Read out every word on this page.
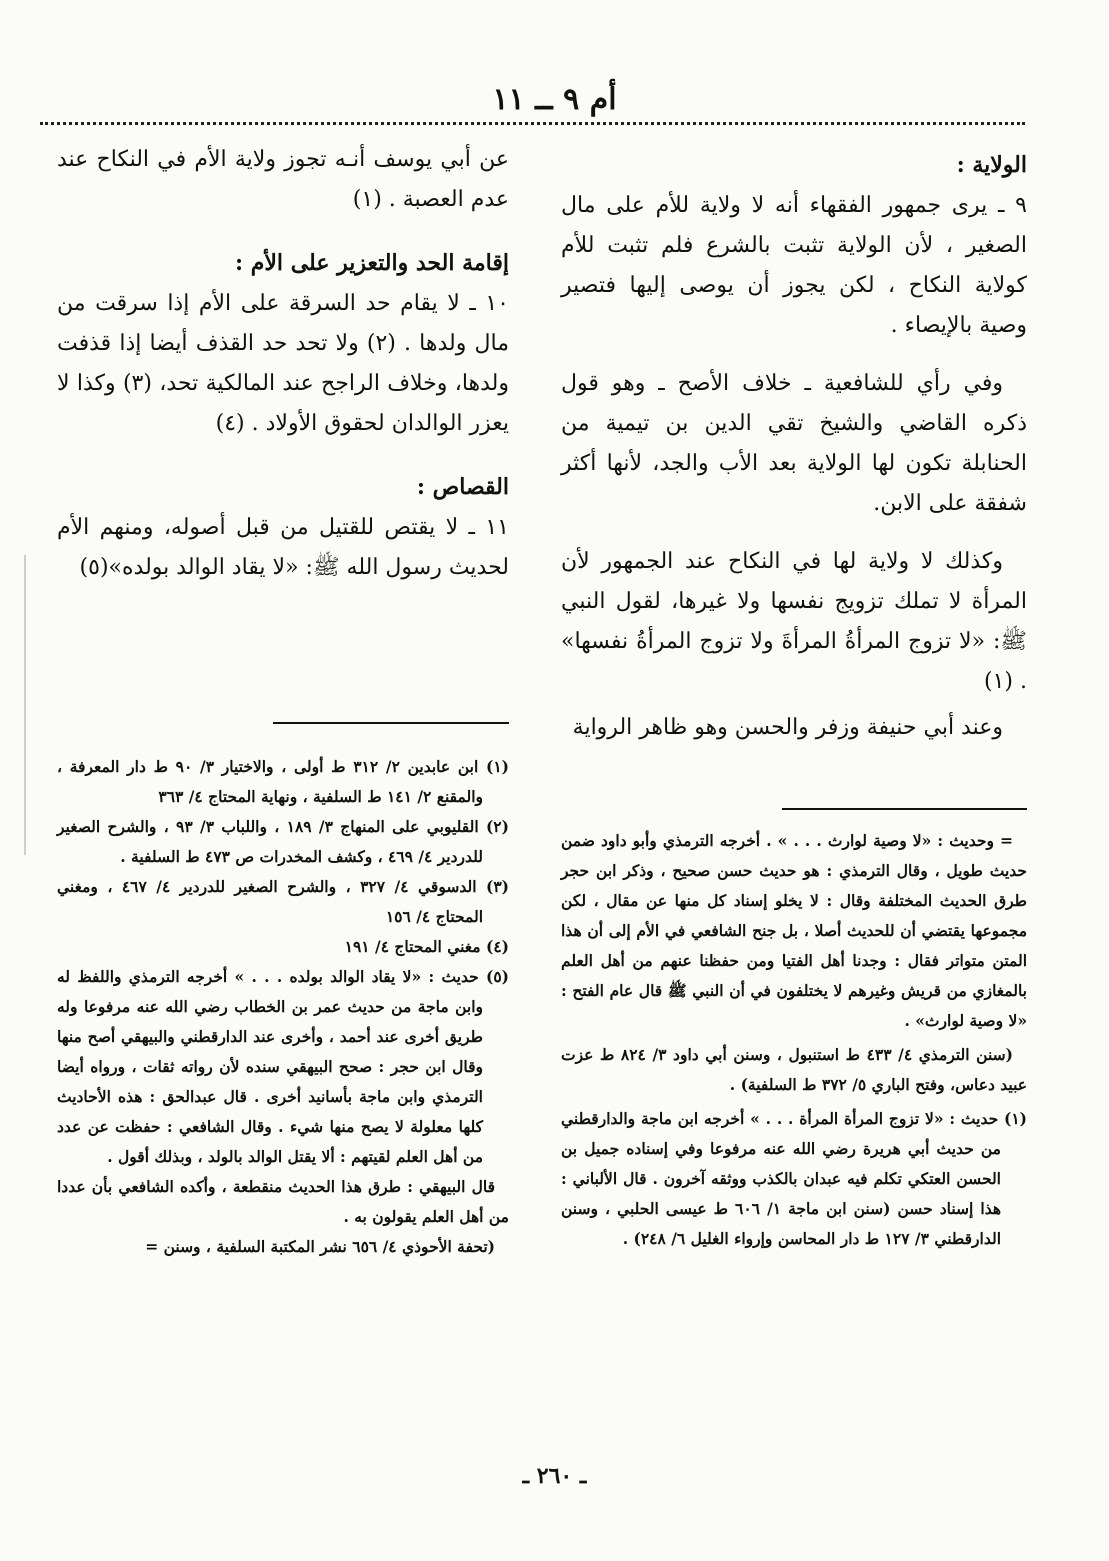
أم ٩ ــ ١١
الولاية :

٩ ـ يرى جمهور الفقهاء أنه لا ولاية للأم على مال الصغير ، لأن الولاية تثبت بالشرع فلم تثبت للأم كولاية النكاح ، لكن يجوز أن يوصى إليها فتصير وصية بالإيصاء .

وفي رأي للشافعية ـ خلاف الأصح ـ وهو قول ذكره القاضي والشيخ تقي الدين بن تيمية من الحنابلة تكون لها الولاية بعد الأب والجد، لأنها أكثر شفقة على الابن.

وكذلك لا ولاية لها في النكاح عند الجمهور لأن المرأة لا تملك تزويج نفسها ولا غيرها، لقول النبي ﷺ: «لا تزوج المرأةُ المرأةَ ولا تزوج المرأةُ نفسها» . (١)

وعند أبي حنيفة وزفر والحسن وهو ظاهر الرواية

عن أبي يوسف أنـه تجوز ولاية الأم في النكاح عند عدم العصبة . (١)

إقامة الحد والتعزير على الأم :

١٠ ـ لا يقام حد السرقة على الأم إذا سرقت من مال ولدها . (٢) ولا تحد حد القذف أيضا إذا قذفت ولدها، وخلاف الراجح عند المالكية تحد، (٣) وكذا لا يعزر الوالدان لحقوق الأولاد . (٤)

القصاص :

١١ ـ لا يقتص للقتيل من قبل أصوله، ومنهم الأم لحديث رسول الله ﷺ: «لا يقاد الوالد بولده»(٥)

= وحديث : «لا وصية لوارث . . . » . أخرجه الترمذي وأبو داود ضمن حديث طويل ، وقال الترمذي : هو حديث حسن صحيح ، وذكر ابن حجر طرق الحديث المختلفة وقال : لا يخلو إسناد كل منها عن مقال ، لكن مجموعها يقتضي أن للحديث أصلا ، بل جنح الشافعي في الأم إلى أن هذا المتن متواتر فقال : وجدنا أهل الفتيا ومن حفظنا عنهم من أهل العلم بالمغازي من قريش وغيرهم لا يختلفون في أن النبي ﷺ قال عام الفتح : «لا وصية لوارث» .

(سنن الترمذي ٤/ ٤٣٣ ط استنبول ، وسنن أبي داود ٣/ ٨٢٤ ط عزت عبيد دعاس، وفتح الباري ٥/ ٣٧٢ ط السلفية) .

(١) حديث : «لا تزوج المرأة المرأة . . . » أخرجه ابن ماجة والدارقطني من حديث أبي هريرة رضي الله عنه مرفوعا وفي إسناده جميل بن الحسن العتكي تكلم فيه عبدان بالكذب ووثقه آخرون . قال الألباني : هذا إسناد حسن (سنن ابن ماجة ١/ ٦٠٦ ط عيسى الحلبي ، وسنن الدارقطني ٣/ ١٢٧ ط دار المحاسن وإرواء الغليل ٦/ ٢٤٨) .

(١) ابن عابدين ٢/ ٣١٢ ط أولى ، والاختيار ٣/ ٩٠ ط دار المعرفة ، والمقنع ٢/ ١٤١ ط السلفية ، ونهاية المحتاج ٤/ ٣٦٣

(٢) القليوبي على المنهاج ٣/ ١٨٩ ، واللباب ٣/ ٩٣ ، والشرح الصغير للدردير ٤/ ٤٦٩ ، وكشف المخدرات ص ٤٧٣ ط السلفية .

(٣) الدسوقي ٤/ ٣٢٧ ، والشرح الصغير للدردير ٤/ ٤٦٧ ، ومغني المحتاج ٤/ ١٥٦

(٤) مغني المحتاج ٤/ ١٩١

(٥) حديث : «لا يقاد الوالد بولده . . . » أخرجه الترمذي واللفظ له وابن ماجة من حديث عمر بن الخطاب رضي الله عنه مرفوعا وله طريق أخرى عند أحمد ، وأخرى عند الدارقطني والبيهقي أصح منها وقال ابن حجر : صحح البيهقي سنده لأن رواته ثقات ، ورواه أيضا الترمذي وابن ماجة بأسانيد أخرى . قال عبدالحق : هذه الأحاديث كلها معلولة لا يصح منها شيء . وقال الشافعي : حفظت عن عدد من أهل العلم لقيتهم : ألا يقتل الوالد بالولد ، وبذلك أقول .

قال البيهقي : طرق هذا الحديث منقطعة ، وأكده الشافعي بأن عددا من أهل العلم يقولون به .

(تحفة الأحوذي ٤/ ٦٥٦ نشر المكتبة السلفية ، وسنن =

ـ ٢٦٠ ـ
